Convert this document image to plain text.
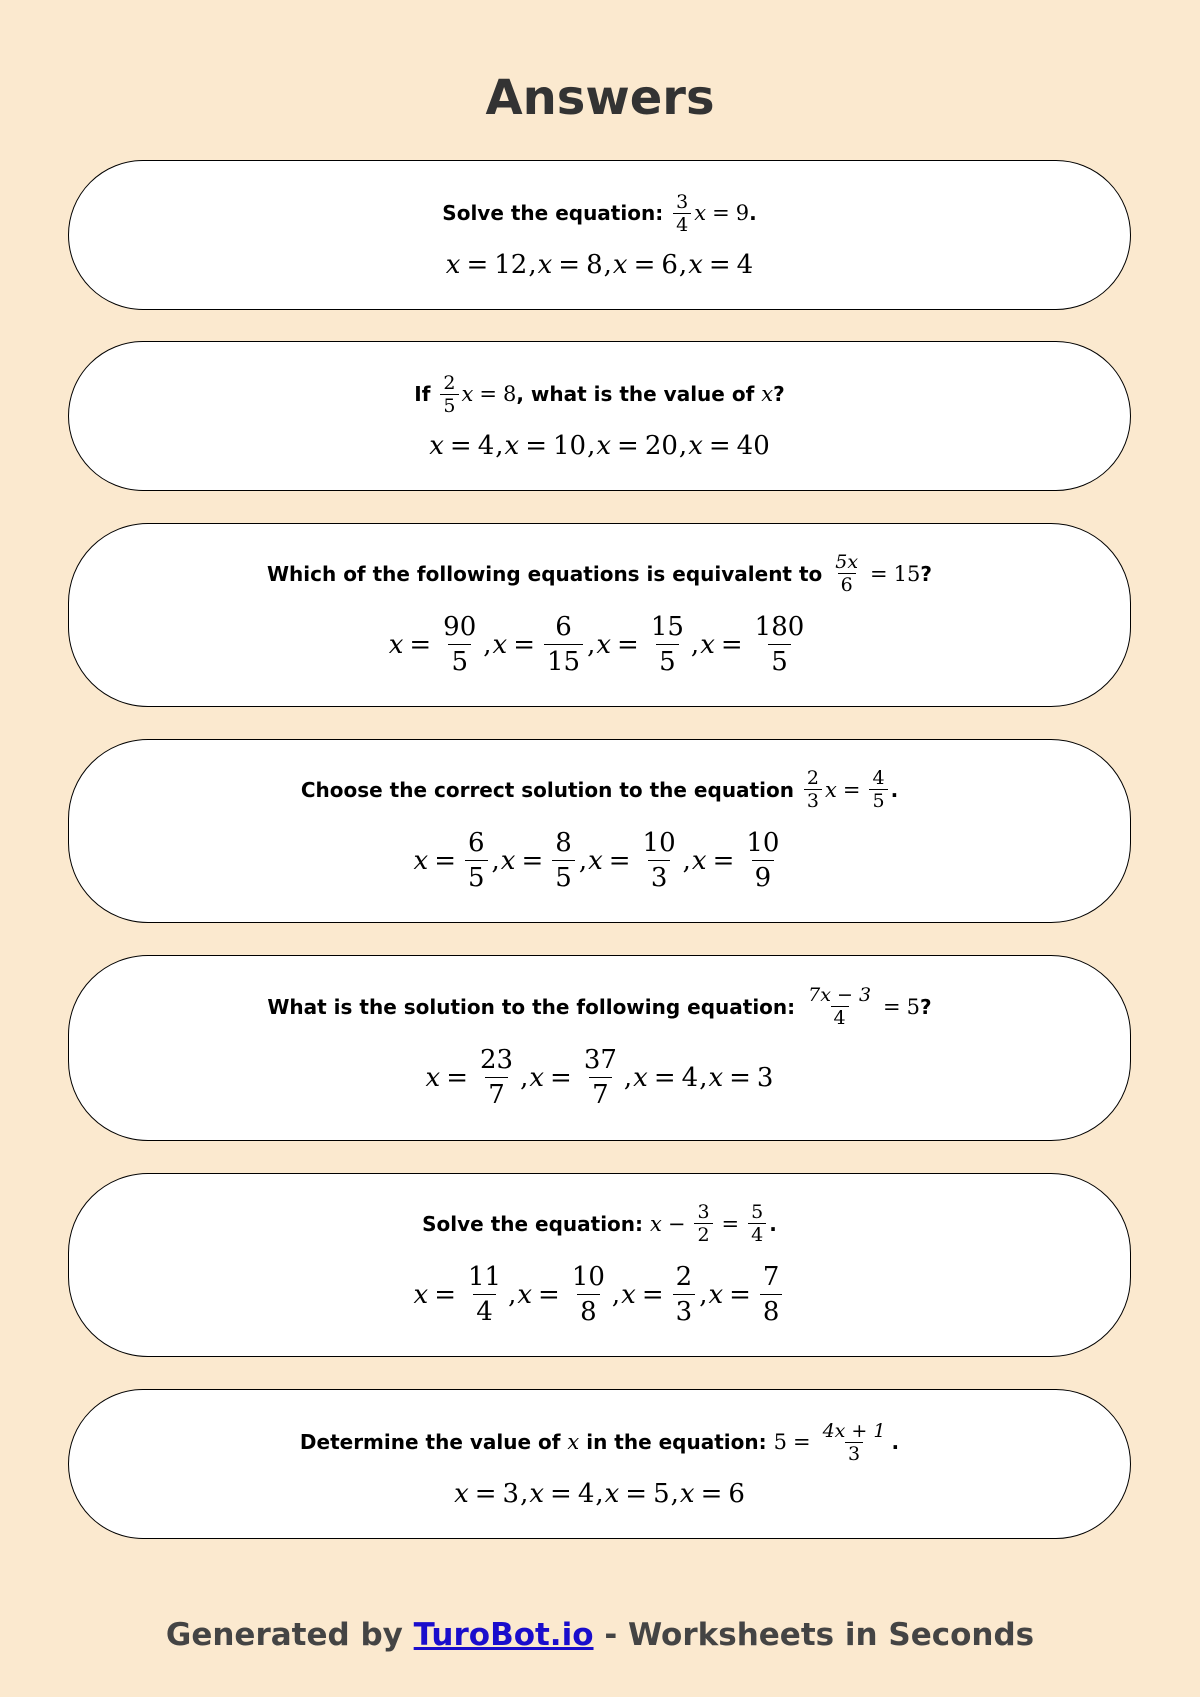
Answers
Solve the equation:
$\frac{3}{4}$ x = 9 .
x = 12 , x = 8 , x = 6 , x = 4
If
$\frac{2}{5}$ x = 8 , what is the value of
x ?
x = 4 , x = 10 , x = 20 , x = 40
Which of the following equations is equivalent to
$\frac{5x}{6} = 15$ ?
$x = \frac{90}{5}$ , $x = \frac{6}{15}$ , $x = \frac{15}{5}$ , $x = \frac{180}{5}$
Choose the correct solution to the equation
$\frac{2}{3}$ $x = \frac{4}{5}$ .
$x = \frac{6}{5}$ , $x = \frac{8}{5}$ , $x = \frac{10}{3}$ , $x = \frac{10}{9}$
What is the solution to the following equation:
$\frac{7x - 3}{4} = 5$ ?
$x = \frac{23}{7}$ , $x = \frac{37}{7}$ , x = 4 , x = 3
Solve the equation:
$x - \frac{3}{2} = \frac{5}{4}$ .
$x = \frac{11}{4}$ , $x = \frac{10}{8}$ , $x = \frac{2}{3}$ , $x = \frac{7}{8}$
Determine the value of
x
in the equation:
$5 = \frac{4x + 1}{3}$ .
x = 3 , x = 4 , x = 5 , x = 6
Generated by TuroBot.io - Worksheets in Seconds
